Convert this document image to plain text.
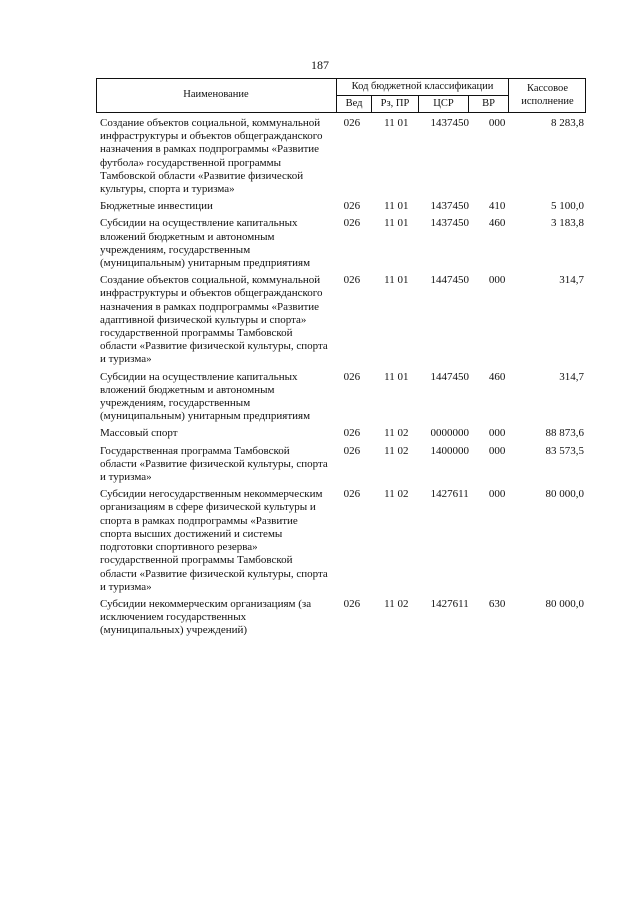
187
Наименование
Код бюджетной классификации
Вед	Рз, ПР	ЦСР	ВР
Кассовое
исполнение
Создание объектов социальной, коммунальной инфраструктуры и объектов общегражданского назначения в рамках подпрограммы «Развитие футбола» государственной программы Тамбовской области «Развитие физической культуры, спорта и туризма»
026	11 01	1437450	000	8 283,8
Бюджетные инвестиции	026	11 01	1437450	410	5 100,0
Субсидии на осуществление капитальных вложений бюджетным и автономным учреждениям, государственным (муниципальным) унитарным предприятиям
026	11 01	1437450	460	3 183,8
Создание объектов социальной, коммунальной инфраструктуры и объектов общегражданского назначения в рамках подпрограммы «Развитие адаптивной физической культуры и спорта» государственной программы Тамбовской области «Развитие физической культуры, спорта и туризма»
026	11 01	1447450	000	314,7
Субсидии на осуществление капитальных вложений бюджетным и автономным учреждениям, государственным (муниципальным) унитарным предприятиям
026	11 01	1447450	460	314,7
Массовый спорт	026	11 02	0000000	000	88 873,6
Государственная программа Тамбовской области «Развитие физической культуры, спорта и туризма»
026	11 02	1400000	000	83 573,5
Субсидии негосударственным некоммерческим организациям в сфере физической культуры и спорта в рамках подпрограммы «Развитие спорта высших достижений и системы подготовки спортивного резерва» государственной программы Тамбовской области «Развитие физической культуры, спорта и туризма»
026	11 02	1427611	000	80 000,0
Субсидии некоммерческим организациям (за исключением государственных (муниципальных) учреждений)
026	11 02	1427611	630	80 000,0
